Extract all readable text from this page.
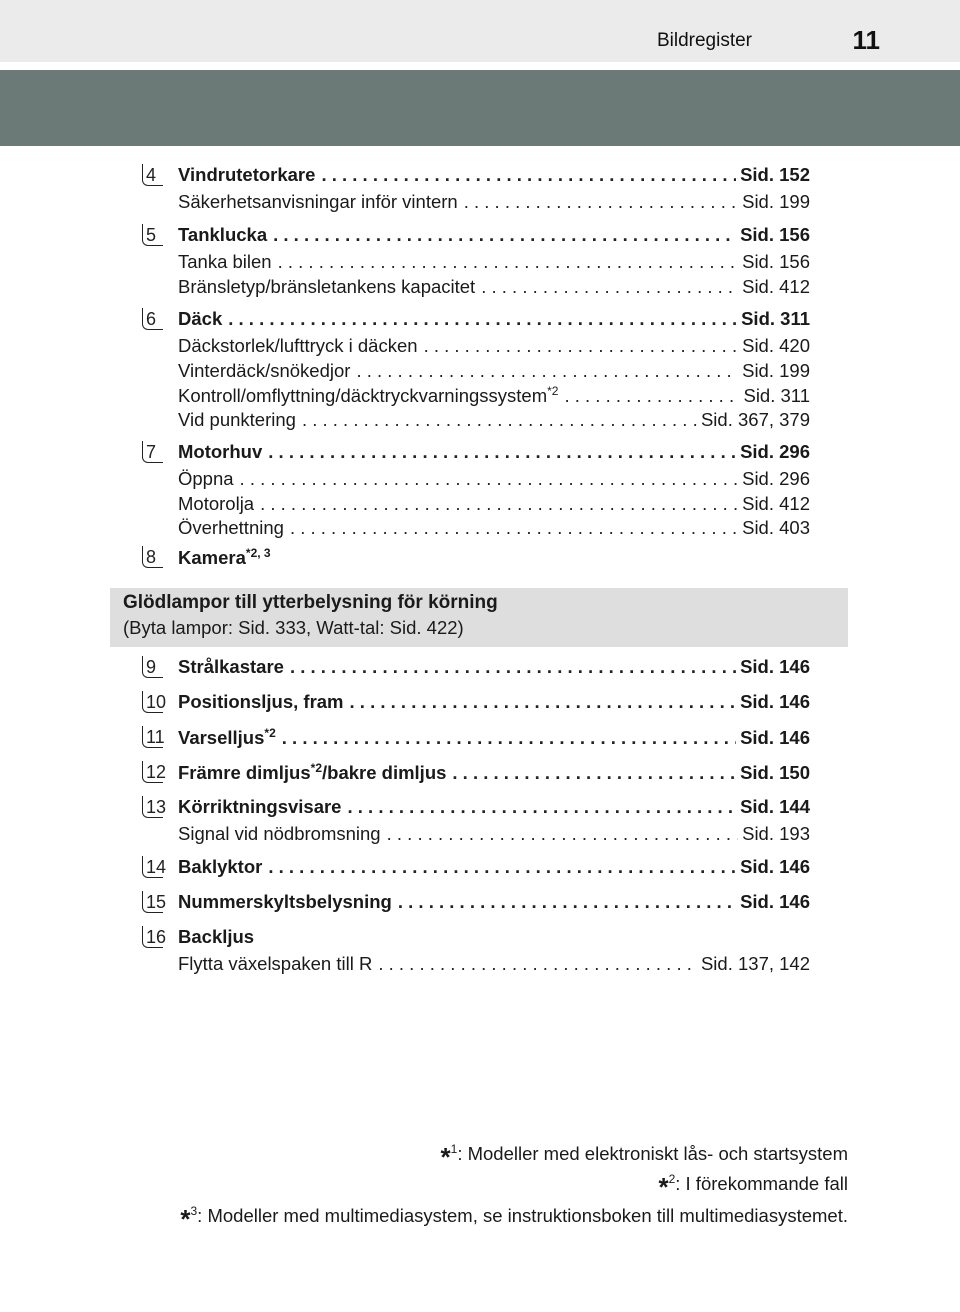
Bildregister	11
4	Vindrutetorkare . . .	Sid. 152
Säkerhetsanvisningar inför vintern . . .	Sid. 199
5	Tanklucka . . .	Sid. 156
Tanka bilen . . .	Sid. 156
Bränsletyp/bränsletankens kapacitet . . .	Sid. 412
6	Däck . . .	Sid. 311
Däckstorlek/lufttryck i däcken . . .	Sid. 420
Vinterdäck/snökedjor . . .	Sid. 199
Kontroll/omflyttning/däcktryckvarningssystem$^{*2}$ . . .	Sid. 311
Vid punktering . . .	Sid. 367, 379
7	Motorhuv . . .	Sid. 296
Öppna . . .	Sid. 296
Motorolja . . .	Sid. 412
Överhettning . . .	Sid. 403
8	Kamera$^{*2, 3}$
Glödlampor till ytterbelysning för körning
(Byta lampor: Sid. 333, Watt-tal: Sid. 422)
9	Strålkastare . . .	Sid. 146
10 Positionsljus, fram . . .	Sid. 146
11 Varselljus$^{*2}$ . . .	Sid. 146
12 Främre dimljus$^{*2}$/bakre dimljus . . .	Sid. 150
13 Körriktningsvisare . . .	Sid. 144
Signal vid nödbromsning . . .	Sid. 193
14 Baklyktor . . .	Sid. 146
15 Nummerskyltsbelysning . . .	Sid. 146
16 Backljus
Flytta växelspaken till R . . .	Sid. 137, 142
*$^1$: Modeller med elektroniskt lås- och startsystem
*$^2$: I förekommande fall
*$^3$: Modeller med multimediasystem, se instruktionsboken till multimediasystemet.
